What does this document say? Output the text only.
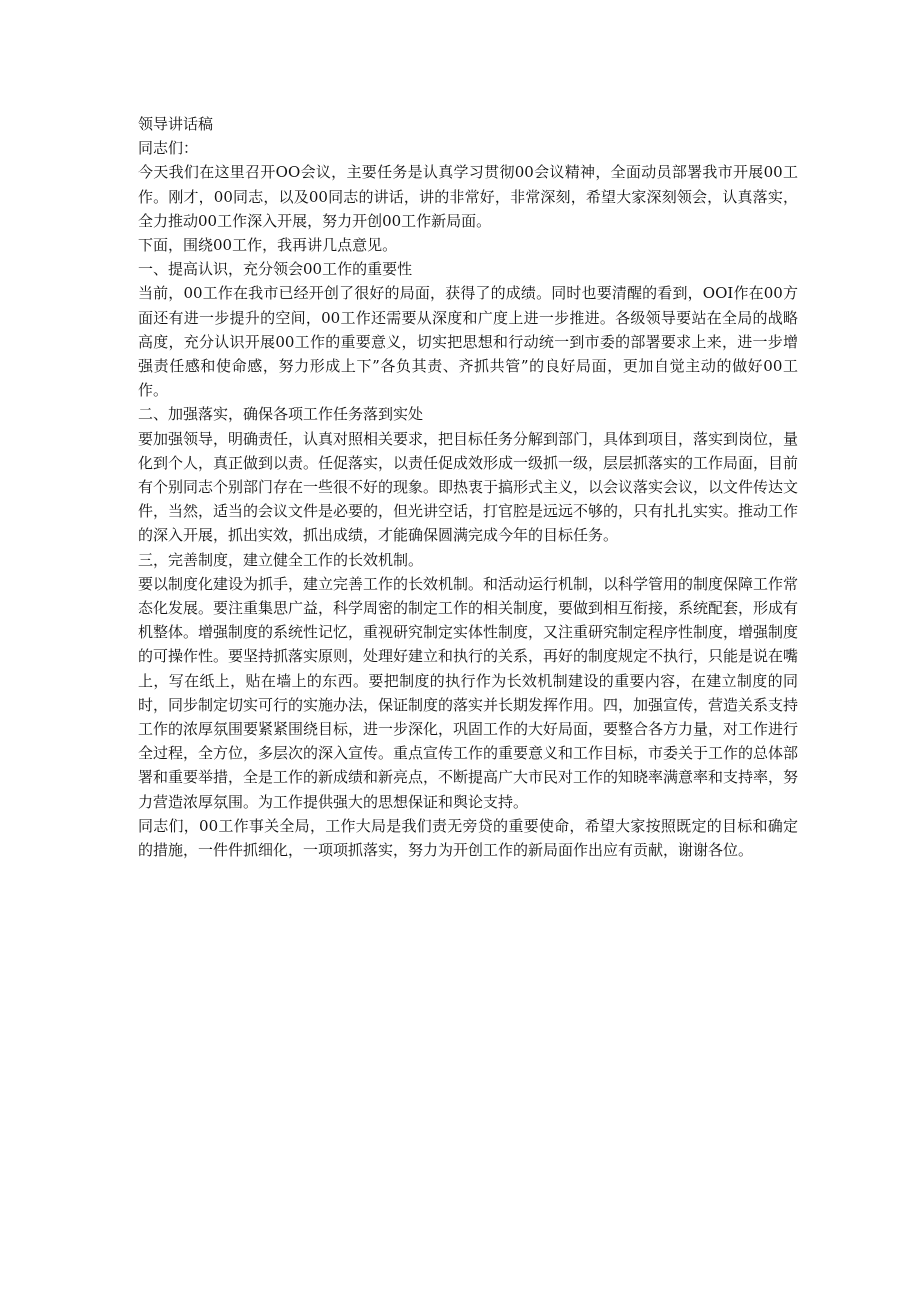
领导讲话稿

同志们：

今天我们在这里召开OO会议，主要任务是认真学习贯彻00会议精神，全面动员部署我市开展00工作。刚才，00同志，以及00同志的讲话，讲的非常好，非常深刻，希望大家深刻领会，认真落实，全力推动00工作深入开展，努力开创00工作新局面。

下面，围绕00工作，我再讲几点意见。

一、提高认识，充分领会00工作的重要性

当前，00工作在我市已经开创了很好的局面，获得了的成绩。同时也要清醒的看到，OOI作在00方面还有进一步提升的空间，00工作还需要从深度和广度上进一步推进。各级领导要站在全局的战略高度，充分认识开展00工作的重要意义，切实把思想和行动统一到市委的部署要求上来，进一步增强责任感和使命感，努力形成上下”各负其责、齐抓共管”的良好局面，更加自觉主动的做好00工作。

二、加强落实，确保各项工作任务落到实处

要加强领导，明确责任，认真对照相关要求，把目标任务分解到部门，具体到项目，落实到岗位，量化到个人，真正做到以责。任促落实，以责任促成效形成一级抓一级，层层抓落实的工作局面，目前有个别同志个别部门存在一些很不好的现象。即热衷于搞形式主义，以会议落实会议，以文件传达文件，当然，适当的会议文件是必要的，但光讲空话，打官腔是远远不够的，只有扎扎实实。推动工作的深入开展，抓出实效，抓出成绩，才能确保圆满完成今年的目标任务。

三，完善制度，建立健全工作的长效机制。

要以制度化建设为抓手，建立完善工作的长效机制。和活动运行机制，以科学管用的制度保障工作常态化发展。要注重集思广益，科学周密的制定工作的相关制度，要做到相互衔接，系统配套，形成有机整体。增强制度的系统性记忆，重视研究制定实体性制度，又注重研究制定程序性制度，增强制度的可操作性。要坚持抓落实原则，处理好建立和执行的关系，再好的制度规定不执行，只能是说在嘴上，写在纸上，贴在墙上的东西。要把制度的执行作为长效机制建设的重要内容，在建立制度的同时，同步制定切实可行的实施办法，保证制度的落实并长期发挥作用。四，加强宣传，营造关系支持工作的浓厚氛围要紧紧围绕目标，进一步深化，巩固工作的大好局面，要整合各方力量，对工作进行全过程，全方位，多层次的深入宣传。重点宣传工作的重要意义和工作目标，市委关于工作的总体部署和重要举措，全是工作的新成绩和新亮点，不断提高广大市民对工作的知晓率满意率和支持率，努力营造浓厚氛围。为工作提供强大的思想保证和舆论支持。

同志们，00工作事关全局，工作大局是我们责无旁贷的重要使命，希望大家按照既定的目标和确定的措施，一件件抓细化，一项项抓落实，努力为开创工作的新局面作出应有贡献，谢谢各位。
